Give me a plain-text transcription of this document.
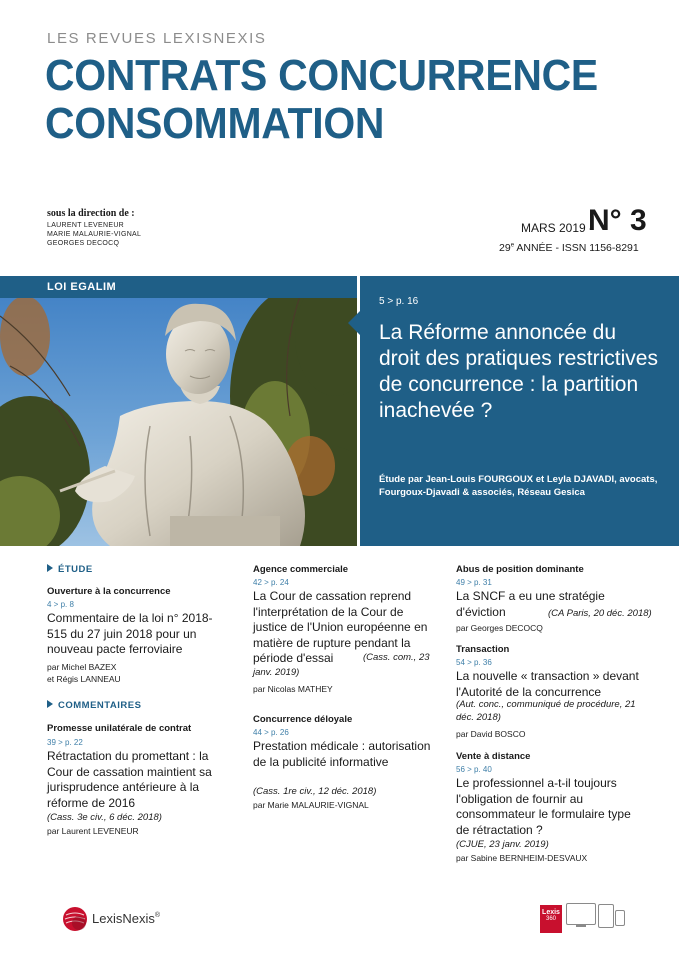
LES REVUES LEXISNEXIS
CONTRATS CONCURRENCE
CONSOMMATION
sous la direction de :
LAURENT LEVENEUR
MARIE MALAURIE-VIGNAL
GEORGES DECOCQ
MARS 2019 -
N° 3
29e ANNÉE - ISSN 1156-8291
LOI EGALIM
5 > p. 16
La Réforme annoncée du droit des pratiques restrictives de concurrence : la partition inachevée ?
Étude par Jean-Louis FOURGOUX et Leyla DJAVADI, avocats, Fourgoux-Djavadi & associés, Réseau Gesica
ÉTUDE
Ouverture à la concurrence
4 > p. 8
Commentaire de la loi n° 2018-515 du 27 juin 2018 pour un nouveau pacte ferroviaire
par Michel BAZEX
et Régis LANNEAU
COMMENTAIRES
Promesse unilatérale de contrat
39 > p. 22
Rétractation du promettant : la Cour de cassation maintient sa jurisprudence antérieure à la réforme de 2016
(Cass. 3e civ., 6 déc. 2018)
par Laurent LEVENEUR
Agence commerciale
42 > p. 24
La Cour de cassation reprend l'interprétation de la Cour de justice de l'Union européenne en matière de rupture pendant la période d'essai	(Cass. com., 23 janv. 2019)
par Nicolas MATHEY
Concurrence déloyale
44 > p. 26
Prestation médicale : autorisation de la publicité informative
(Cass. 1re civ., 12 déc. 2018)
par Marie MALAURIE-VIGNAL
Abus de position dominante
49 > p. 31
La SNCF a eu une stratégie d'éviction	(CA Paris, 20 déc. 2018)
par Georges DECOCQ
Transaction
54 > p. 36
La nouvelle « transaction » devant l'Autorité de la concurrence
(Aut. conc., communiqué de procédure, 21 déc. 2018)
par David BOSCO
Vente à distance
56 > p. 40
Le professionnel a-t-il toujours l'obligation de fournir au consommateur le formulaire type de rétractation ?
(CJUE, 23 janv. 2019)
par Sabine BERNHEIM-DESVAUX
LexisNexis®	Lexis
360
